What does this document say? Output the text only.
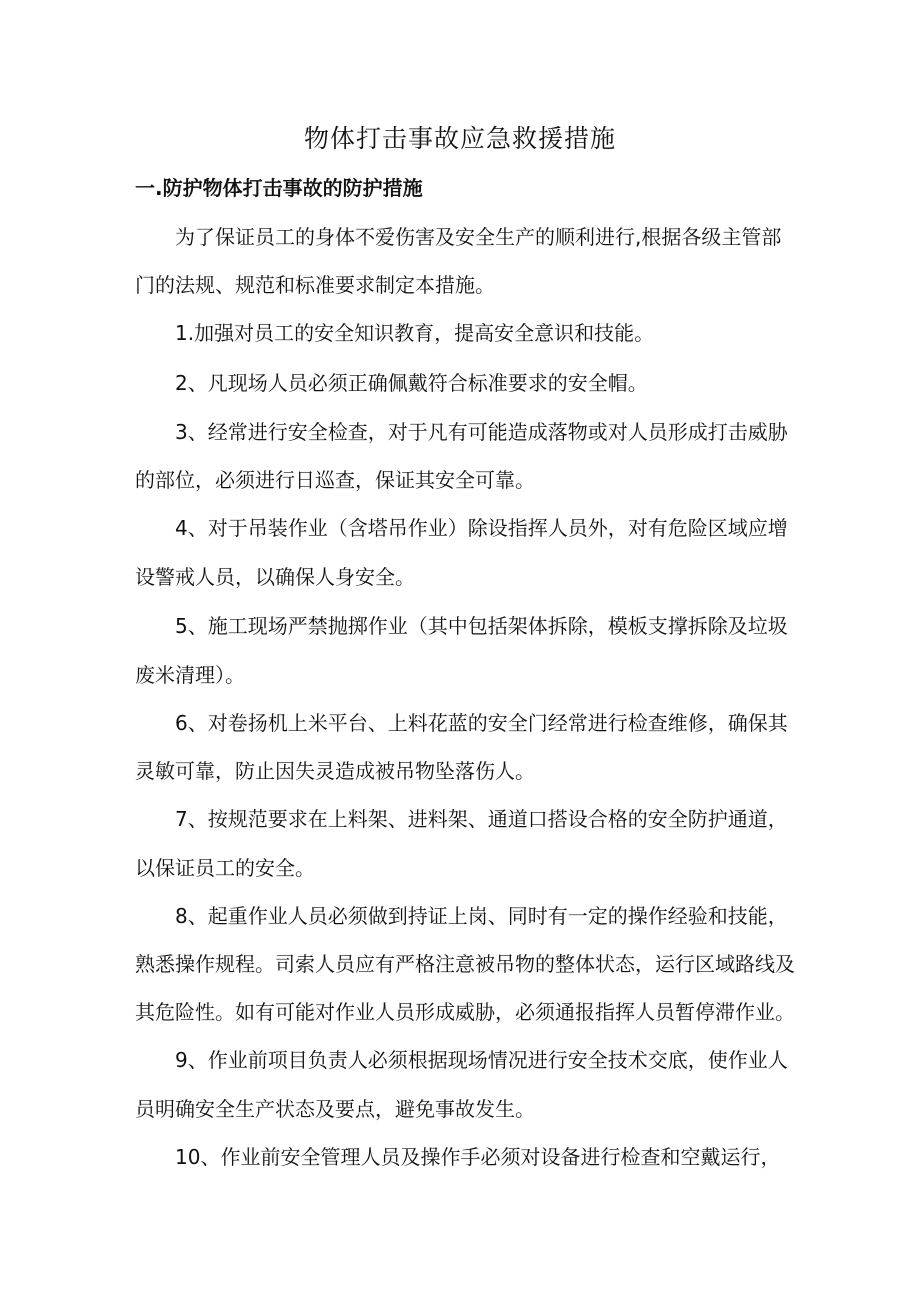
物体打击事故应急救援措施
一.防护物体打击事故的防护措施

为了保证员工的身体不爱伤害及安全生产的顺利进行,根据各级主管部

门的法规、规范和标准要求制定本措施。

1.加强对员工的安全知识教育，提高安全意识和技能。

2、凡现场人员必须正确佩戴符合标准要求的安全帽。

3、经常进行安全检查，对于凡有可能造成落物或对人员形成打击威胁

的部位，必须进行日巡查，保证其安全可靠。

4、对于吊装作业（含塔吊作业）除设指挥人员外，对有危险区域应增

设警戒人员，以确保人身安全。

5、施工现场严禁抛掷作业（其中包括架体拆除，模板支撑拆除及垃圾

废米清理）。

6、对卷扬机上米平台、上料花蓝的安全门经常进行检查维修，确保其

灵敏可靠，防止因失灵造成被吊物坠落伤人。

7、按规范要求在上料架、进料架、通道口搭设合格的安全防护通道，

以保证员工的安全。

8、起重作业人员必须做到持证上岗、同时有一定的操作经验和技能，

熟悉操作规程。司索人员应有严格注意被吊物的整体状态，运行区域路线及

其危险性。如有可能对作业人员形成威胁，必须通报指挥人员暂停滞作业。

9、作业前项目负责人必须根据现场情况进行安全技术交底，使作业人

员明确安全生产状态及要点，避免事故发生。

10、作业前安全管理人员及操作手必须对设备进行检查和空戴运行，
